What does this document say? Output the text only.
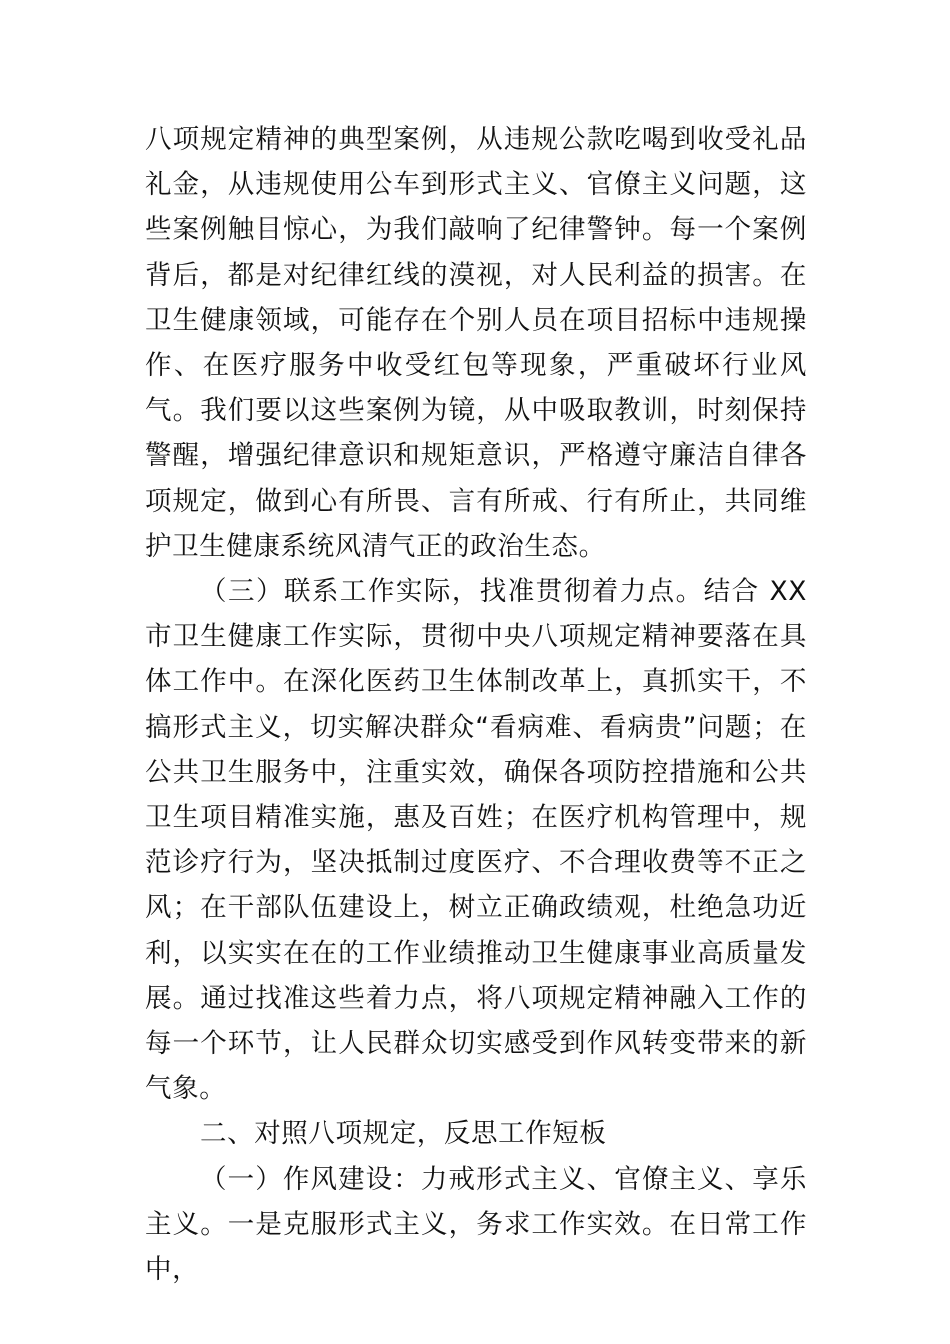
八项规定精神的典型案例，从违规公款吃喝到收受礼品礼金，从违规使用公车到形式主义、官僚主义问题，这些案例触目惊心，为我们敲响了纪律警钟。每一个案例背后，都是对纪律红线的漠视，对人民利益的损害。在卫生健康领域，可能存在个别人员在项目招标中违规操作、在医疗服务中收受红包等现象，严重破坏行业风气。我们要以这些案例为镜，从中吸取教训，时刻保持警醒，增强纪律意识和规矩意识，严格遵守廉洁自律各项规定，做到心有所畏、言有所戒、行有所止，共同维护卫生健康系统风清气正的政治生态。

（三）联系工作实际，找准贯彻着力点。结合 XX 市卫生健康工作实际，贯彻中央八项规定精神要落在具体工作中。在深化医药卫生体制改革上，真抓实干，不搞形式主义，切实解决群众“看病难、看病贵”问题；在公共卫生服务中，注重实效，确保各项防控措施和公共卫生项目精准实施，惠及百姓；在医疗机构管理中，规范诊疗行为，坚决抵制过度医疗、不合理收费等不正之风；在干部队伍建设上，树立正确政绩观，杜绝急功近利，以实实在在的工作业绩推动卫生健康事业高质量发展。通过找准这些着力点，将八项规定精神融入工作的每一个环节，让人民群众切实感受到作风转变带来的新气象。

二、对照八项规定，反思工作短板

（一）作风建设：力戒形式主义、官僚主义、享乐主义。一是克服形式主义，务求工作实效。在日常工作中，
